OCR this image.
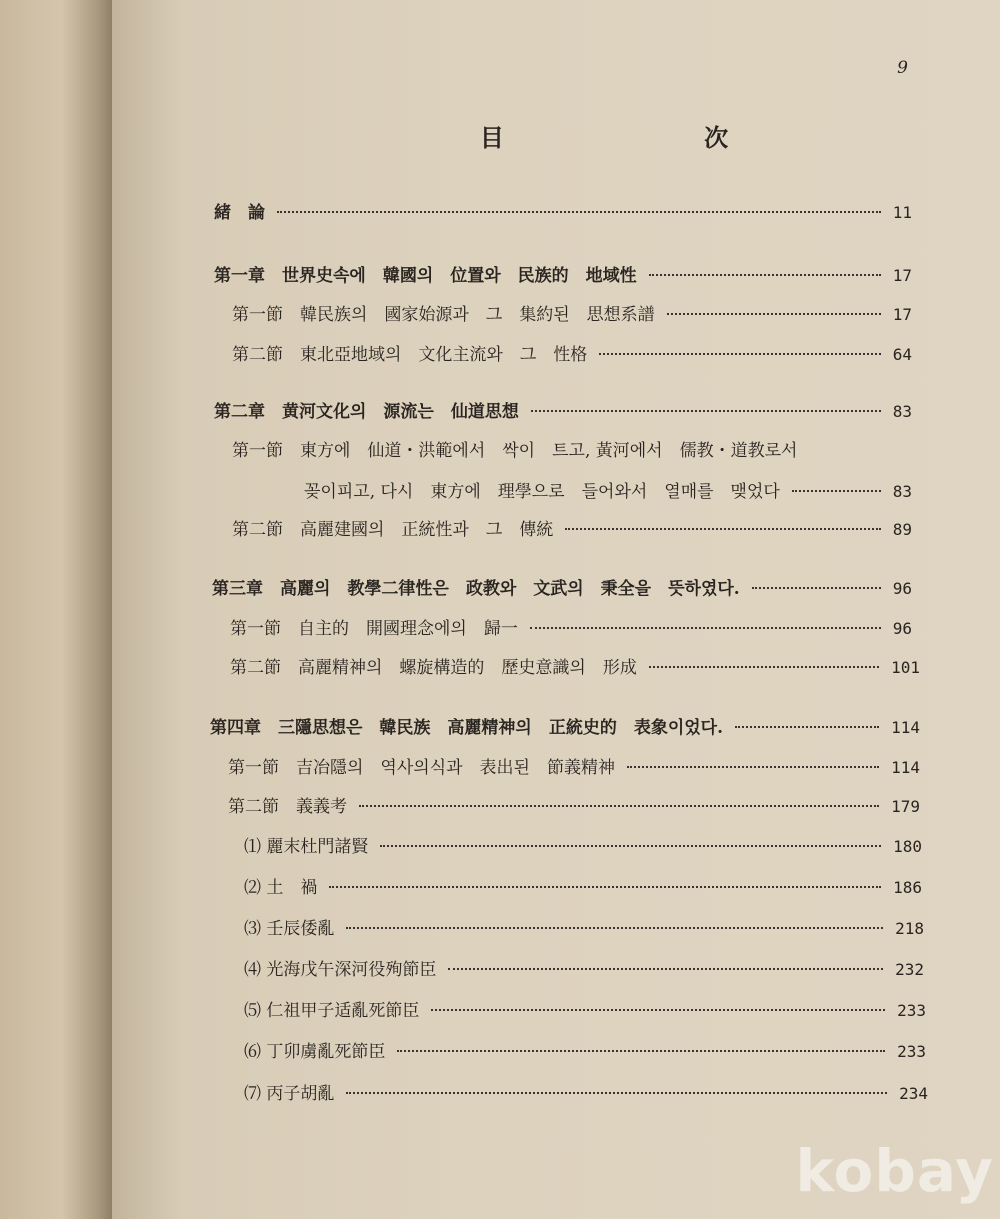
9
目 次
緒　論	11
第一章　世界史속에　韓國의　位置와　民族的　地域性	17
第一節　韓民族의　國家始源과　그　集約된　思想系譜	17
第二節　東北亞地域의　文化主流와　그　性格	64
第二章　黄河文化의　源流는　仙道思想	83
第一節　東方에　仙道・洪範에서　싹이　트고, 黃河에서　儒教・道教로서
꽂이피고, 다시　東方에　理學으로　들어와서　열매를　맺었다	83
第二節　高麗建國의　正統性과　그　傳統	89
第三章　高麗의　教學二律性은　政教와　文武의　秉全을　뜻하였다.	96
第一節　自主的　開國理念에의　歸一	96
第二節　高麗精神의　螺旋構造的　歷史意識의　形成	101
第四章　三隱思想은　韓民族　高麗精神의　正統史的　表象이었다.	114
第一節　吉冶隱의　역사의식과　表出된　節義精神	114
第二節　義義考	179
⑴ 麗末杜門諸賢	180
⑵ 土　禍	186
⑶ 壬辰倭亂	218
⑷ 光海戊午深河役殉節臣	232
⑸ 仁祖甲子适亂死節臣	233
⑹ 丁卯虜亂死節臣	233
⑺ 丙子胡亂	234
kobay
